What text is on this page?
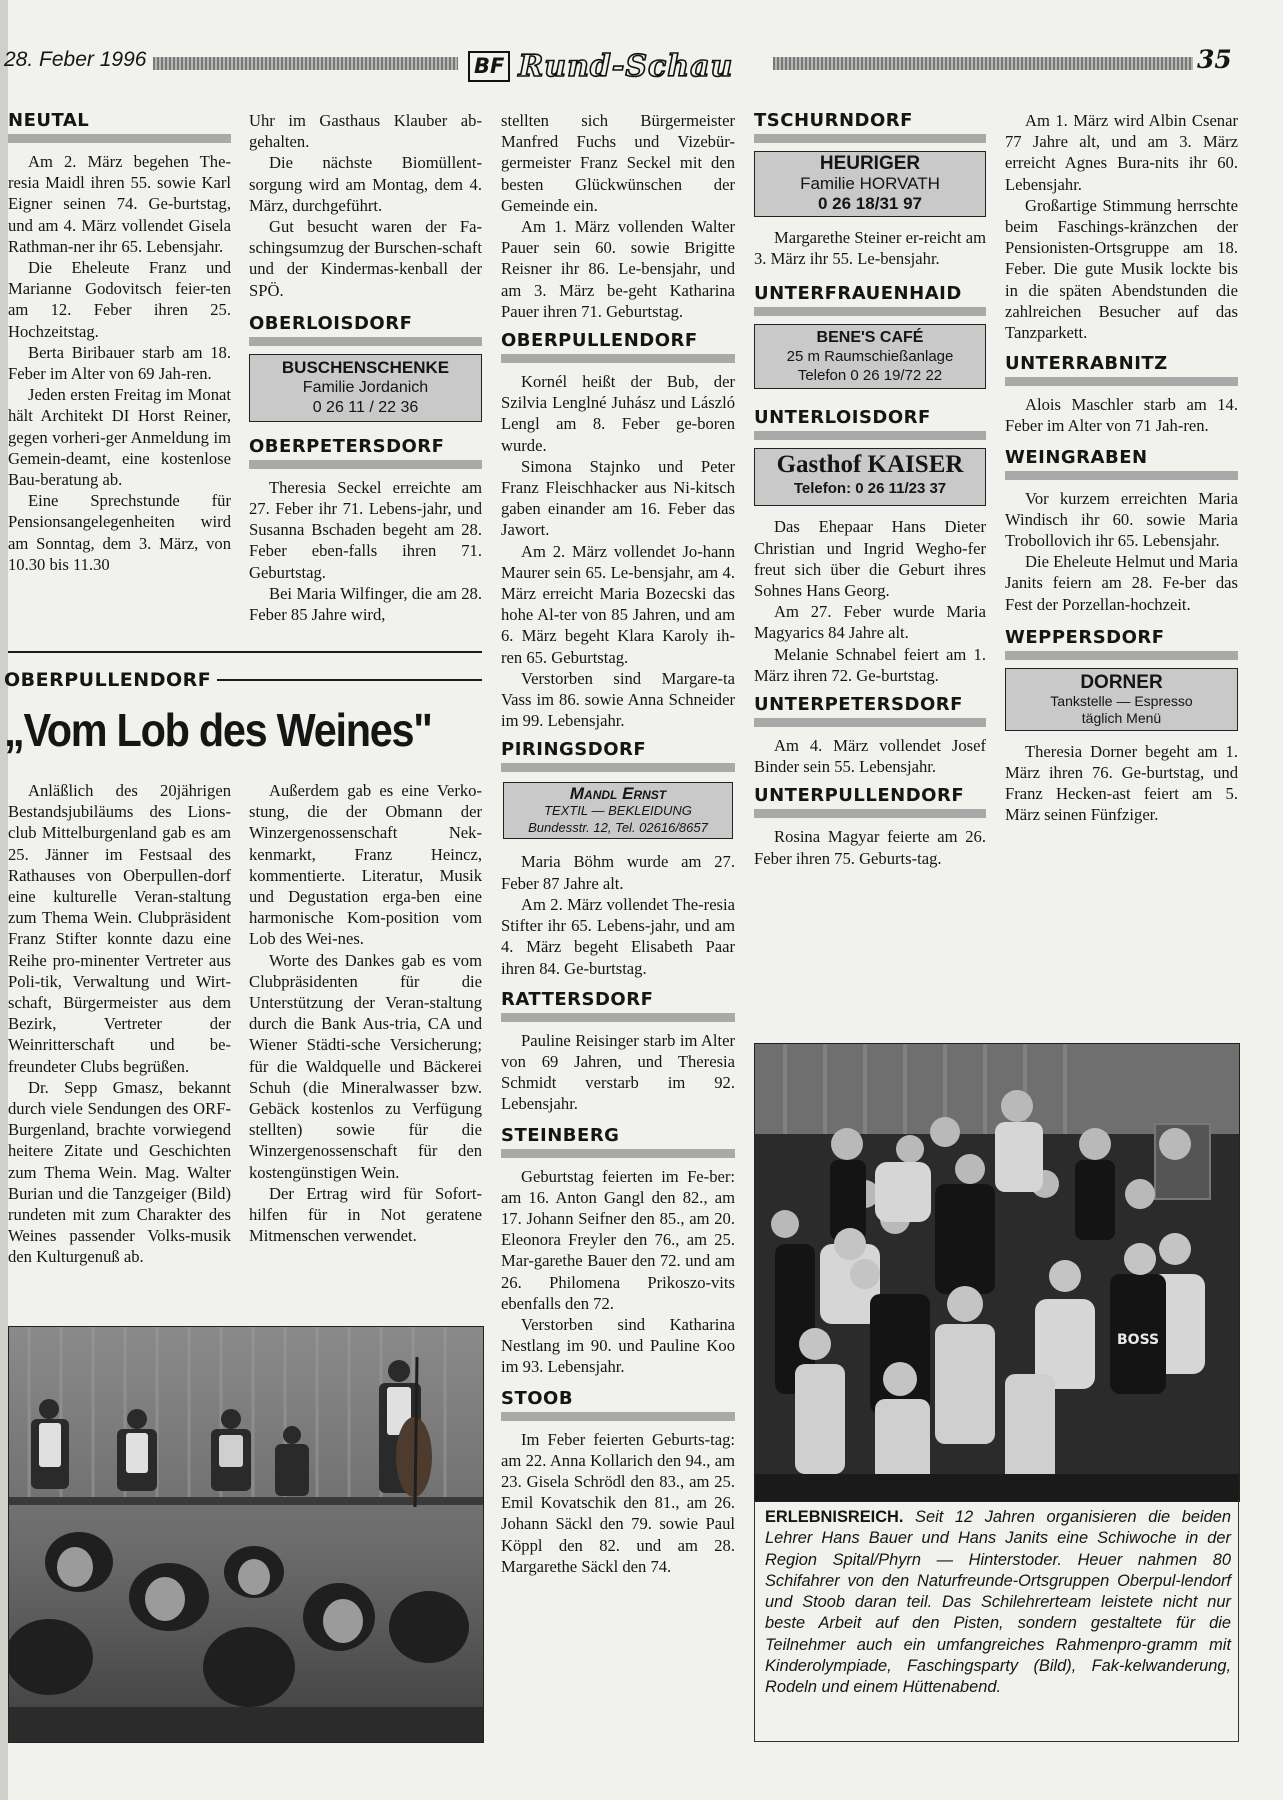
28. Feber 1996	BF Rund-Schau	35
NEUTAL

Am 2. März begehen The-resia Maidl ihren 55. sowie Karl Eigner seinen 74. Ge-burtstag, und am 4. März vollendet Gisela Rathman-ner ihr 65. Lebensjahr.

Die Eheleute Franz und Marianne Godovitsch feier-ten am 12. Feber ihren 25. Hochzeitstag.

Berta Biribauer starb am 18. Feber im Alter von 69 Jah-ren.

Jeden ersten Freitag im Monat hält Architekt DI Horst Reiner, gegen vorheri-ger Anmeldung im Gemein-deamt, eine kostenlose Bau-beratung ab.

Eine Sprechstunde für Pensionsangelegenheiten wird am Sonntag, dem 3. März, von 10.30 bis 11.30

Uhr im Gasthaus Klauber ab-gehalten.

Die nächste Biomüllent-sorgung wird am Montag, dem 4. März, durchgeführt.

Gut besucht waren der Fa-schingsumzug der Burschen-schaft und der Kindermas-kenball der SPÖ.

OBERLOISDORF
BUSCHENSCHENKE
Familie Jordanich
0 26 11 / 22 36
OBERPETERSDORF

Theresia Seckel erreichte am 27. Feber ihr 71. Lebens-jahr, und Susanna Bschaden begeht am 28. Feber eben-falls ihren 71. Geburtstag.

Bei Maria Wilfinger, die am 28. Feber 85 Jahre wird,

stellten sich Bürgermeister Manfred Fuchs und Vizebür-germeister Franz Seckel mit den besten Glückwünschen der Gemeinde ein.

Am 1. März vollenden Walter Pauer sein 60. sowie Brigitte Reisner ihr 86. Le-bensjahr, und am 3. März be-geht Katharina Pauer ihren 71. Geburtstag.

OBERPULLENDORF

Kornél heißt der Bub, der Szilvia Lenglné Juhász und László Lengl am 8. Feber ge-boren wurde.

Simona Stajnko und Peter Franz Fleischhacker aus Ni-kitsch gaben einander am 16. Feber das Jawort.

Am 2. März vollendet Jo-hann Maurer sein 65. Le-bensjahr, am 4. März erreicht Maria Bozecski das hohe Al-ter von 85 Jahren, und am 6. März begeht Klara Karoly ih-ren 65. Geburtstag.

Verstorben sind Margare-ta Vass im 86. sowie Anna Schneider im 99. Lebensjahr.

PIRINGSDORF
Mandl Ernst
TEXTIL — BEKLEIDUNG
Bundesstr. 12, Tel. 02616/8657

Maria Böhm wurde am 27. Feber 87 Jahre alt.

Am 2. März vollendet The-resia Stifter ihr 65. Lebens-jahr, und am 4. März begeht Elisabeth Paar ihren 84. Ge-burtstag.

RATTERSDORF

Pauline Reisinger starb im Alter von 69 Jahren, und Theresia Schmidt verstarb im 92. Lebensjahr.

STEINBERG

Geburtstag feierten im Fe-ber: am 16. Anton Gangl den 82., am 17. Johann Seifner den 85., am 20. Eleonora Freyler den 76., am 25. Mar-garethe Bauer den 72. und am 26. Philomena Prikoszo-vits ebenfalls den 72.

Verstorben sind Katharina Nestlang im 90. und Pauline Koo im 93. Lebensjahr.

STOOB

Im Feber feierten Geburts-tag: am 22. Anna Kollarich den 94., am 23. Gisela Schrödl den 83., am 25. Emil Kovatschik den 81., am 26. Johann Säckl den 79. sowie Paul Köppl den 82. und am 28. Margarethe Säckl den 74.

TSCHURNDORF
HEURIGER
Familie HORVATH
0 26 18/31 97

Margarethe Steiner er-reicht am 3. März ihr 55. Le-bensjahr.

UNTERFRAUENHAID
BENE'S CAFÉ
25 m Raumschießanlage
Telefon 0 26 19/72 22
UNTERLOISDORF
Gasthof KAISER
Telefon: 0 26 11/23 37

Das Ehepaar Hans Dieter Christian und Ingrid Wegho-fer freut sich über die Geburt ihres Sohnes Hans Georg.

Am 27. Feber wurde Maria Magyarics 84 Jahre alt.

Melanie Schnabel feiert am 1. März ihren 72. Ge-burtstag.

UNTERPETERSDORF

Am 4. März vollendet Josef Binder sein 55. Lebensjahr.

UNTERPULLENDORF

Rosina Magyar feierte am 26. Feber ihren 75. Geburts-tag.

Am 1. März wird Albin Csenar 77 Jahre alt, und am 3. März erreicht Agnes Bura-nits ihr 60. Lebensjahr.

Großartige Stimmung herrschte beim Faschings-kränzchen der Pensionisten-Ortsgruppe am 18. Feber. Die gute Musik lockte bis in die späten Abendstunden die zahlreichen Besucher auf das Tanzparkett.

UNTERRABNITZ

Alois Maschler starb am 14. Feber im Alter von 71 Jah-ren.

WEINGRABEN

Vor kurzem erreichten Maria Windisch ihr 60. sowie Maria Trobollovich ihr 65. Lebensjahr.

Die Eheleute Helmut und Maria Janits feiern am 28. Fe-ber das Fest der Porzellan-hochzeit.

WEPPERSDORF
DORNER
Tankstelle — Espresso
täglich Menü

Theresia Dorner begeht am 1. März ihren 76. Ge-burtstag, und Franz Hecken-ast feiert am 5. März seinen Fünfziger.

OBERPULLENDORF
„Vom Lob des Weines"

Anläßlich des 20jährigen Bestandsjubiläums des Lions-club Mittelburgenland gab es am 25. Jänner im Festsaal des Rathauses von Oberpullen-dorf eine kulturelle Veran-staltung zum Thema Wein. Clubpräsident Franz Stifter konnte dazu eine Reihe pro-minenter Vertreter aus Poli-tik, Verwaltung und Wirt-schaft, Bürgermeister aus dem Bezirk, Vertreter der Weinritterschaft und be-freundeter Clubs begrüßen.

Dr. Sepp Gmasz, bekannt durch viele Sendungen des ORF-Burgenland, brachte vorwiegend heitere Zitate und Geschichten zum Thema Wein. Mag. Walter Burian und die Tanzgeiger (Bild) rundeten mit zum Charakter des Weines passender Volks-musik den Kulturgenuß ab.

Außerdem gab es eine Verko-stung, die der Obmann der Winzergenossenschaft Nek-kenmarkt, Franz Heincz, kommentierte. Literatur, Musik und Degustation erga-ben eine harmonische Kom-position vom Lob des Wei-nes.

Worte des Dankes gab es vom Clubpräsidenten für die Unterstützung der Veran-staltung durch die Bank Aus-tria, CA und Wiener Städti-sche Versicherung; für die Waldquelle und Bäckerei Schuh (die Mineralwasser bzw. Gebäck kostenlos zu Verfügung stellten) sowie für die Winzergenossenschaft für den kostengünstigen Wein.

Der Ertrag wird für Sofort-hilfen für in Not geratene Mitmenschen verwendet.

BOSS
ERLEBNISREICH. Seit 12 Jahren organisieren die beiden Lehrer Hans Bauer und Hans Janits eine Schiwoche in der Region Spital/Phyrn — Hinterstoder. Heuer nahmen 80 Schifahrer von den Naturfreunde-Ortsgruppen Oberpul-lendorf und Stoob daran teil. Das Schilehrerteam leistete nicht nur beste Arbeit auf den Pisten, sondern gestaltete für die Teilnehmer auch ein umfangreiches Rahmenpro-gramm mit Kinderolympiade, Faschingsparty (Bild), Fak-kelwanderung, Rodeln und einem Hüttenabend.
